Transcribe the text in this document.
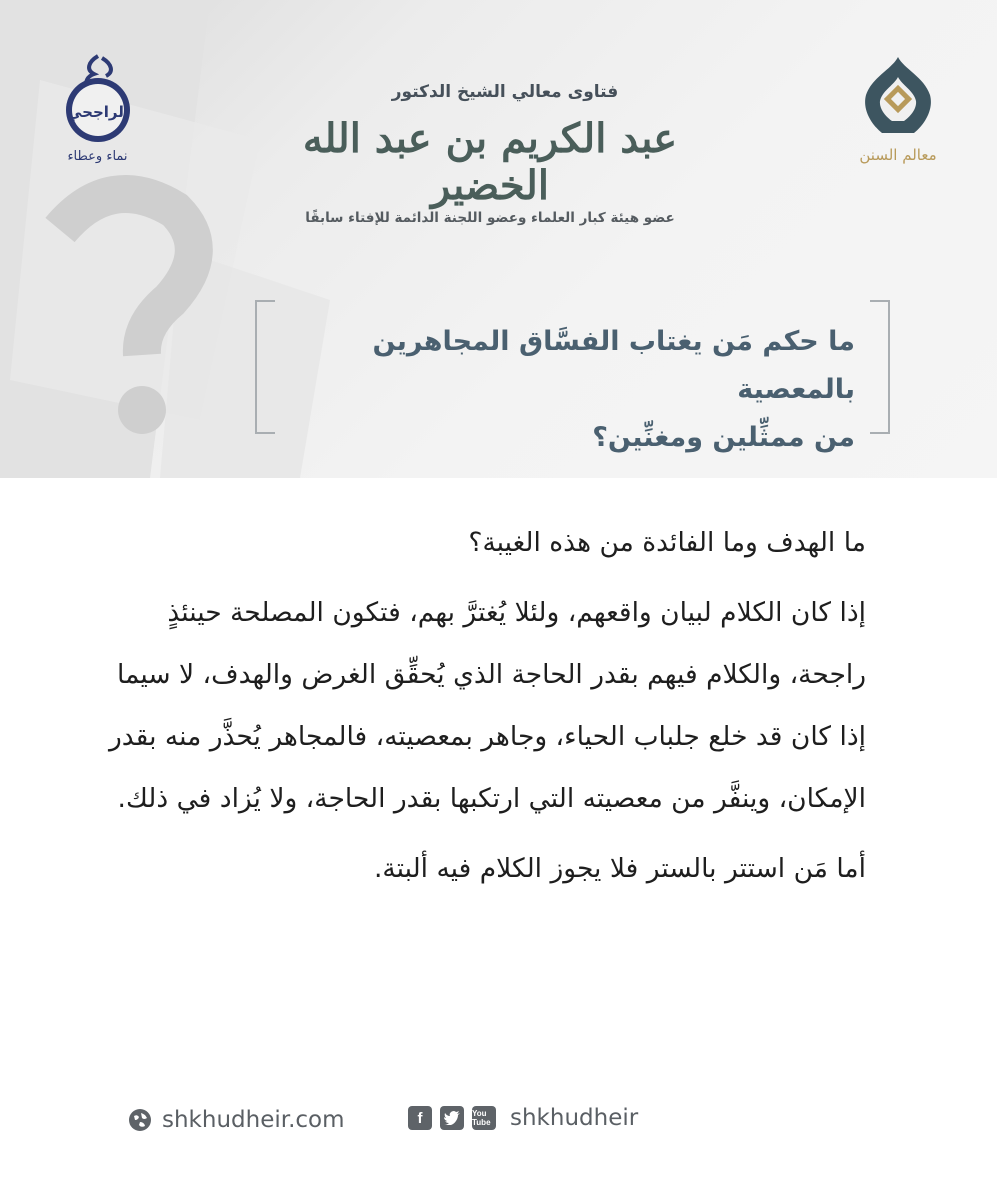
معالم السنن
الراجحي
نماء وعطاء
فتاوى معالي الشيخ الدكتور
عبد الكريم بن عبد الله الخضير
عضو هيئة كبار العلماء وعضو اللجنة الدائمة للإفتاء سابقًا
ما حكم مَن يغتاب الفسَّاق المجاهرين بالمعصية
من ممثِّلين ومغنِّين؟

ما الهدف وما الفائدة من هذه الغيبة؟

إذا كان الكلام لبيان واقعهم، ولئلا يُغترَّ بهم، فتكون المصلحة حينئذٍ راجحة، والكلام فيهم بقدر الحاجة الذي يُحقِّق الغرض والهدف، لا سيما إذا كان قد خلع جلباب الحياء، وجاهر بمعصيته، فالمجاهر يُحذَّر منه بقدر الإمكان، وينفَّر من معصيته التي ارتكبها بقدر الحاجة، ولا يُزاد في ذلك.

أما مَن استتر بالستر فلا يجوز الكلام فيه ألبتة.

shkhudheir.com	f	You Tube shkhudheir
